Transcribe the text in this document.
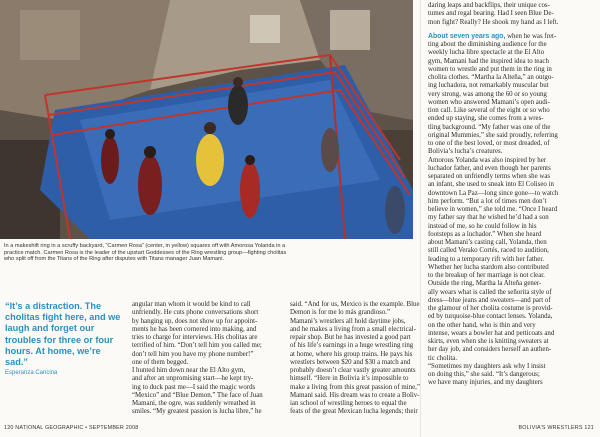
In a makeshift ring in a scruffy backyard, “Carmen Rosa” (center, in yellow) squares off with Amorosa Yolanda in a
practice match. Carmen Rosa is the leader of the upstart Goddesses of the Ring wrestling group—fighting cholitas
who split off from the Titans of the Ring after disputes with Titans manager Juan Mamani.
“It’s a distraction. The cholitas fight here, and we laugh and forget our troubles for three or four hours. At home, we’re sad.”
Esperanza Cancina
angular man whom it would be kind to call
unfriendly. He cuts phone conversations short
by hanging up, does not show up for appoint-
ments he has been cornered into making, and
tries to charge for interviews. His cholitas are
terrified of him. “Don’t tell him you called me;
don’t tell him you have my phone number!”
one of them begged.
I hunted him down near the El Alto gym,
and after an unpromising start—he kept try-
ing to duck past me—I said the magic words
“Mexico” and “Blue Demon.” The face of Juan
Mamani, the ogre, was suddenly wreathed in
smiles. “My greatest passion is lucha libre,” he
said. “And for us, Mexico is the example. Blue
Demon is for me lo más grandioso.”
Mamani’s wrestlers all hold daytime jobs,
and he makes a living from a small electrical-
repair shop. But he has invested a good part
of his life’s earnings in a huge wrestling ring
at home, where his group trains. He pays his
wrestlers between $20 and $30 a match and
probably doesn’t clear vastly greater amounts
himself. “Here in Bolivia it’s impossible to
make a living from this great passion of mine,”
Mamani said. His dream was to create a Boliv-
ian school of wrestling heroes to equal the
feats of the great Mexican lucha legends; their
daring leaps and backflips, their unique cos-
tumes and regal bearing. Had I seen Blue De-
mon fight? Really? He shook my hand as I left.
About seven years ago, when he was fret-
ting about the diminishing audience for the
weekly lucha libre spectacle at the El Alto
gym, Mamani had the inspired idea to teach
women to wrestle and put them in the ring in
cholita clothes. “Martha la Alteña,” an outgo-
ing luchadora, not remarkably muscular but
very strong, was among the 60 or so young
women who answered Mamani’s open audi-
tion call. Like several of the eight or so who
ended up staying, she comes from a wres-
tling background. “My father was one of the
original Mummies,” she said proudly, referring
to one of the best loved, or most dreaded, of
Bolivia’s lucha’s creatures.
Amorous Yolanda was also inspired by her
luchador father, and even though her parents
separated on unfriendly terms when she was
an infant, she used to sneak into El Coliseo in
downtown La Paz—long since gone—to watch
him perform. “But a lot of times men don’t
believe in women,” she told me. “Once I heard
my father say that he wished he’d had a son
instead of me, so he could follow in his
footsteps as a luchador.” When she heard
about Mamani’s casting call, Yolanda, then
still called Verako Cortés, raced to audition,
leading to a temporary rift with her father.
Whether her lucha stardom also contributed
to the breakup of her marriage is not clear.
Outside the ring, Martha la Alteña gener-
ally wears what is called the señorita style of
dress—blue jeans and sweaters—and part of
the glamour of her cholita costume is provid-
ed by turquoise-blue contact lenses. Yolanda,
on the other hand, who is thin and very
intense, wears a bowler hat and petticoats and
skirts, even when she is knitting sweaters at
her day job, and considers herself an authen-
tic cholita.
“Sometimes my daughters ask why I insist
on doing this,” she said. “It’s dangerous;
we have many injuries, and my daughters
120 NATIONAL GEOGRAPHIC • SEPTEMBER 2008	BOLIVIA’S WRESTLERS 121
